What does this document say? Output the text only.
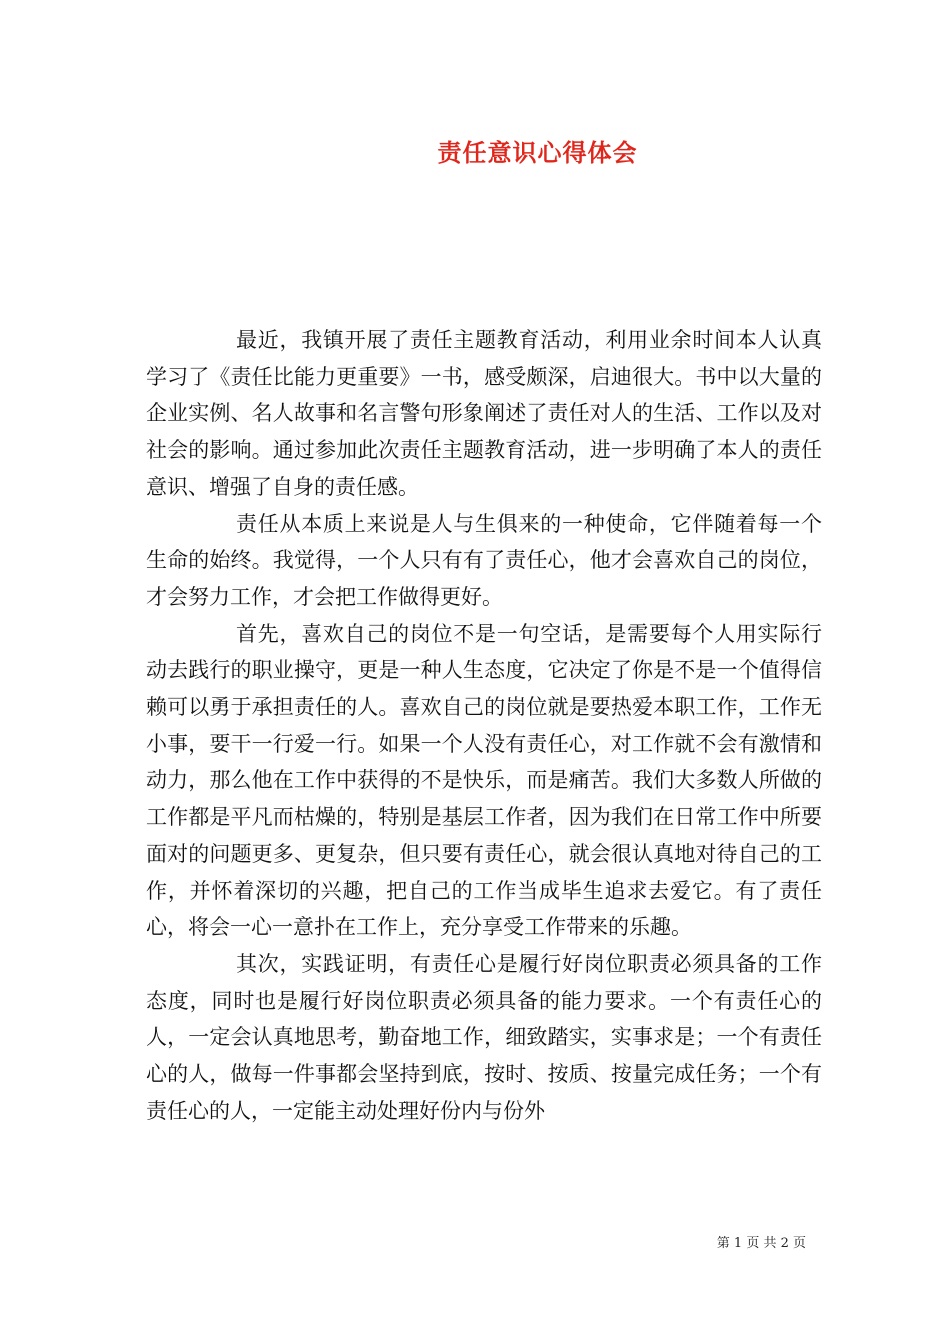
责任意识心得体会

最近，我镇开展了责任主题教育活动，利用业余时间本人认真学习了《责任比能力更重要》一书，感受颇深，启迪很大。书中以大量的企业实例、名人故事和名言警句形象阐述了责任对人的生活、工作以及对社会的影响。通过参加此次责任主题教育活动，进一步明确了本人的责任意识、增强了自身的责任感。

责任从本质上来说是人与生俱来的一种使命，它伴随着每一个生命的始终。我觉得，一个人只有有了责任心，他才会喜欢自己的岗位，才会努力工作，才会把工作做得更好。

首先，喜欢自己的岗位不是一句空话，是需要每个人用实际行动去践行的职业操守，更是一种人生态度，它决定了你是不是一个值得信赖可以勇于承担责任的人。喜欢自己的岗位就是要热爱本职工作，工作无小事，要干一行爱一行。如果一个人没有责任心，对工作就不会有激情和动力，那么他在工作中获得的不是快乐，而是痛苦。我们大多数人所做的工作都是平凡而枯燥的，特别是基层工作者，因为我们在日常工作中所要面对的问题更多、更复杂，但只要有责任心，就会很认真地对待自己的工作，并怀着深切的兴趣，把自己的工作当成毕生追求去爱它。有了责任心，将会一心一意扑在工作上，充分享受工作带来的乐趣。

其次，实践证明，有责任心是履行好岗位职责必须具备的工作态度，同时也是履行好岗位职责必须具备的能力要求。一个有责任心的人，一定会认真地思考，勤奋地工作，细致踏实，实事求是；一个有责任心的人，做每一件事都会坚持到底，按时、按质、按量完成任务；一个有责任心的人，一定能主动处理好份内与份外

第 1 页 共 2 页
